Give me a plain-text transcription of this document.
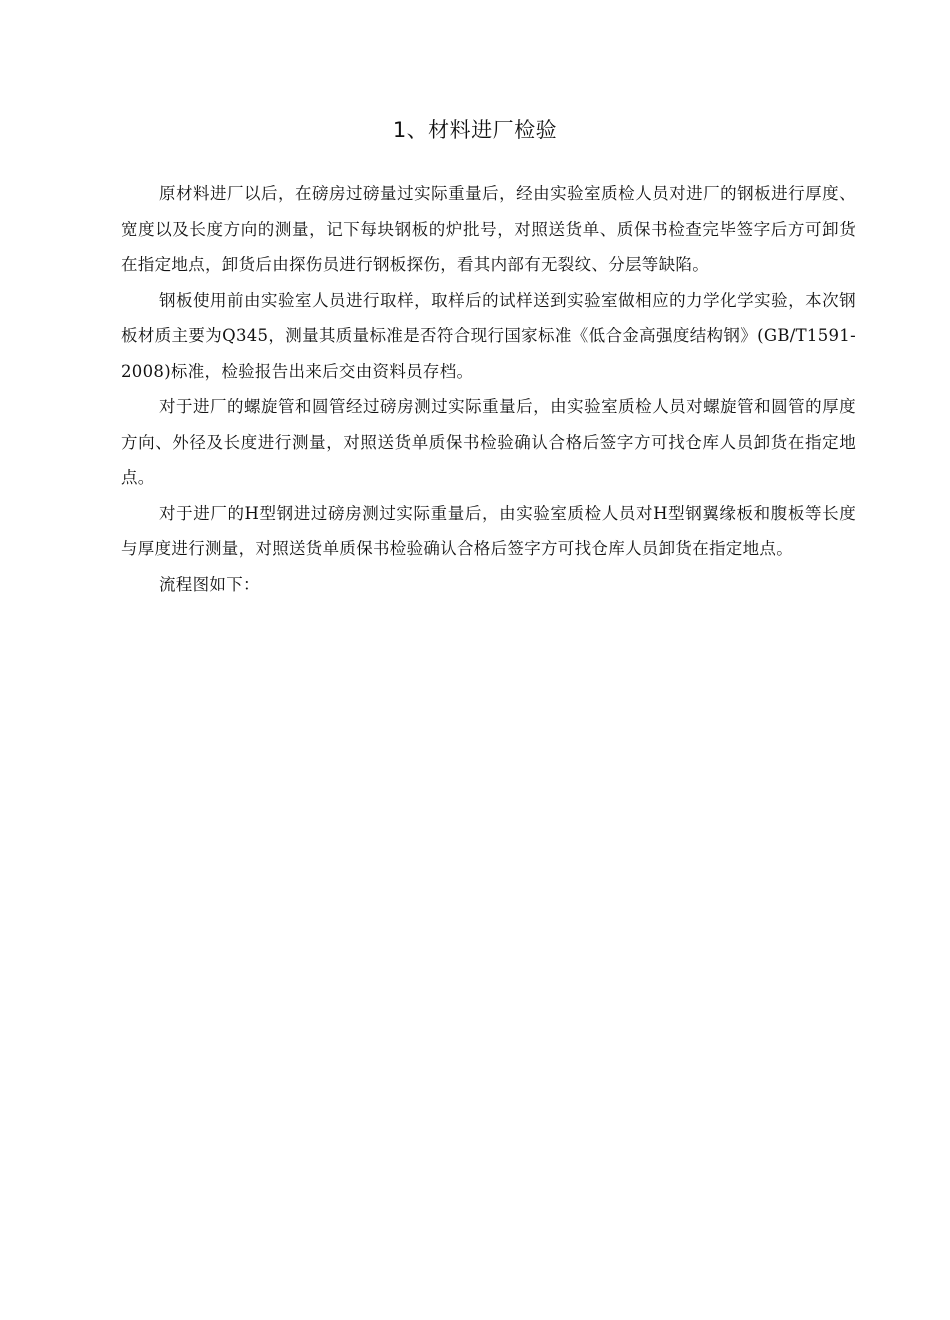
1、材料进厂检验

原材料进厂以后，在磅房过磅量过实际重量后，经由实验室质检人员对进厂的钢板进行厚度、宽度以及长度方向的测量，记下每块钢板的炉批号，对照送货单、质保书检查完毕签字后方可卸货在指定地点，卸货后由探伤员进行钢板探伤，看其内部有无裂纹、分层等缺陷。

钢板使用前由实验室人员进行取样，取样后的试样送到实验室做相应的力学化学实验，本次钢板材质主要为Q345，测量其质量标准是否符合现行国家标准《低合金高强度结构钢》(GB/T1591-2008)标准，检验报告出来后交由资料员存档。

对于进厂的螺旋管和圆管经过磅房测过实际重量后，由实验室质检人员对螺旋管和圆管的厚度方向、外径及长度进行测量，对照送货单质保书检验确认合格后签字方可找仓库人员卸货在指定地点。

对于进厂的H型钢进过磅房测过实际重量后，由实验室质检人员对H型钢翼缘板和腹板等长度与厚度进行测量，对照送货单质保书检验确认合格后签字方可找仓库人员卸货在指定地点。

流程图如下：
